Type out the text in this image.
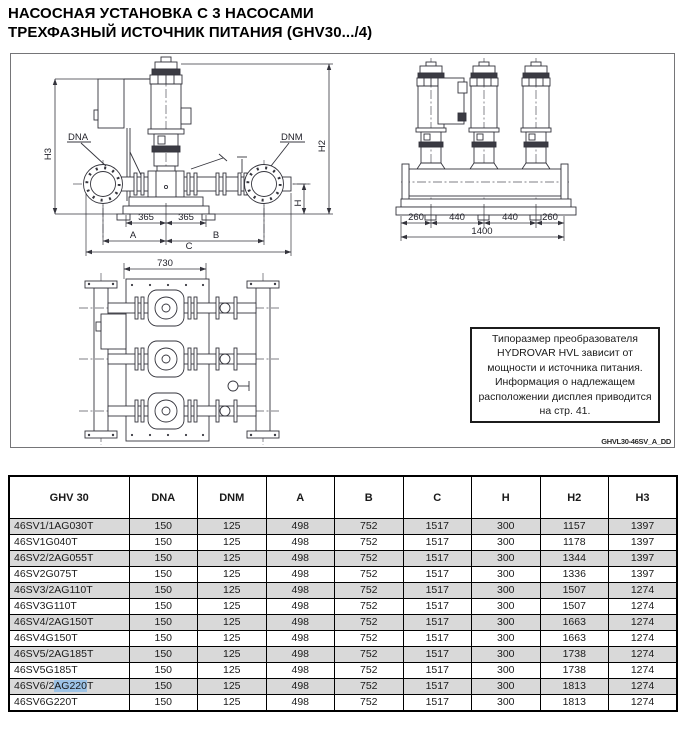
НАСОСНАЯ УСТАНОВКА С 3 НАСОСАМИ
ТРЕХФАЗНЫЙ ИСТОЧНИК ПИТАНИЯ (GHV30.../4)
H3
H2
H
DNA	DNM
365	365
A	B
C
260	440	440	260
1400
730
Типоразмер преобразователя HYDROVAR HVL зависит от мощности и источника питания. Информация о надлежащем расположении дисплея приводится на стр. 41.
GHVL30-46SV_A_DD
GHV 30	DNA	DNM	A	B	C	H	H2	H3
46SV1/1AG030T	150	125	498	752	1517	300	1157	1397
46SV1G040T	150	125	498	752	1517	300	1178	1397
46SV2/2AG055T	150	125	498	752	1517	300	1344	1397
46SV2G075T	150	125	498	752	1517	300	1336	1397
46SV3/2AG110T	150	125	498	752	1517	300	1507	1274
46SV3G110T	150	125	498	752	1517	300	1507	1274
46SV4/2AG150T	150	125	498	752	1517	300	1663	1274
46SV4G150T	150	125	498	752	1517	300	1663	1274
46SV5/2AG185T	150	125	498	752	1517	300	1738	1274
46SV5G185T	150	125	498	752	1517	300	1738	1274
46SV6/2AG220T	150	125	498	752	1517	300	1813	1274
46SV6G220T	150	125	498	752	1517	300	1813	1274
